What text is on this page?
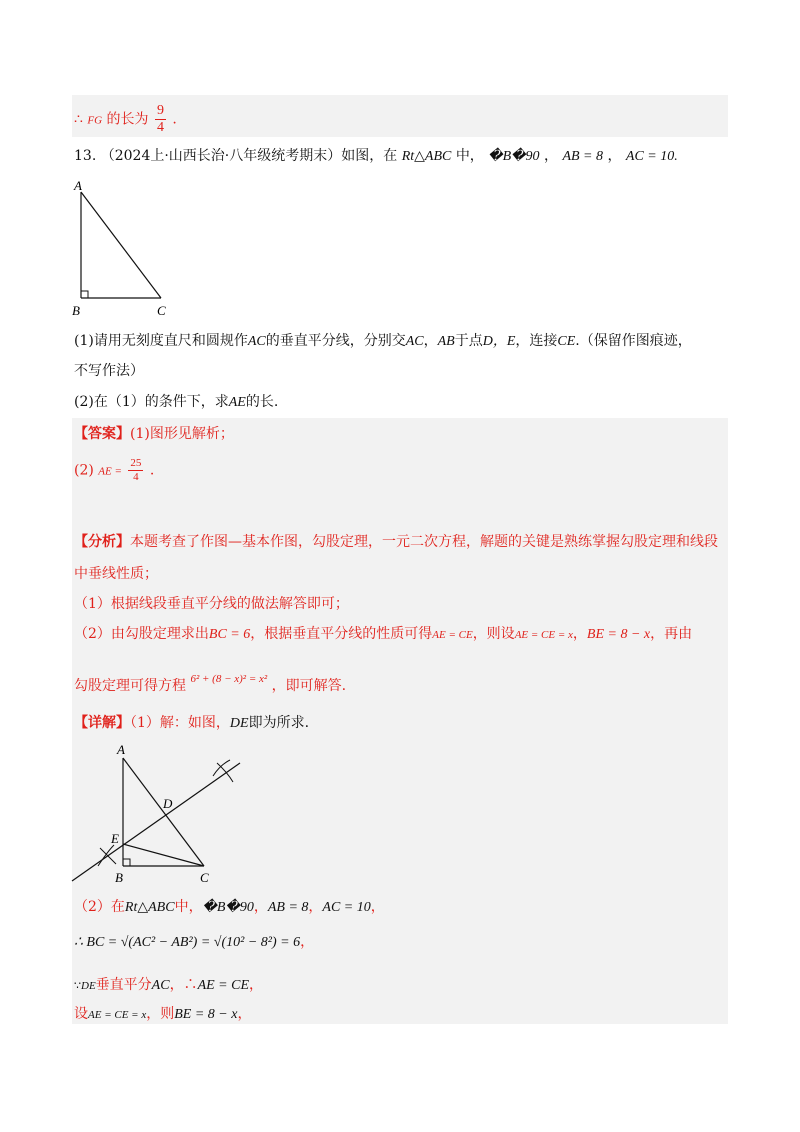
∴ FG 的长为 $\frac{9}{4}$ .
13. （2024上·山西长治·八年级统考期末）如图，在 Rt△ABC 中， �B�90 ， AB = 8 ， AC = 10.
A
B	C
(1)请用无刻度直尺和圆规作AC的垂直平分线，分别交AC，AB于点D，E，连接CE.（保留作图痕迹，
不写作法）
(2)在（1）的条件下，求AE的长.
【答案】(1)图形见解析；
(2) AE = $\frac{25}{4}$ .
【分析】本题考查了作图—基本作图，勾股定理，一元二次方程，解题的关键是熟练掌握勾股定理和线段
中垂线性质；
（1）根据线段垂直平分线的做法解答即可；
（2）由勾股定理求出BC = 6，根据垂直平分线的性质可得AE = CE，则设AE = CE = x，BE = 8 − x，再由
勾股定理可得方程 $^{6^2 + (8 - x)^2 = x^2}$ ，即可解答.
【详解】（1）解：如图，DE即为所求.
A
D
E
B	C
（2）在Rt△ABC中，�B�90，AB = 8，AC = 10，
∴ BC = √(AC² − AB²) = √(10² − 8²) = 6，
∵DE垂直平分AC，∴AE = CE，
设AE = CE = x，则BE = 8 − x，
